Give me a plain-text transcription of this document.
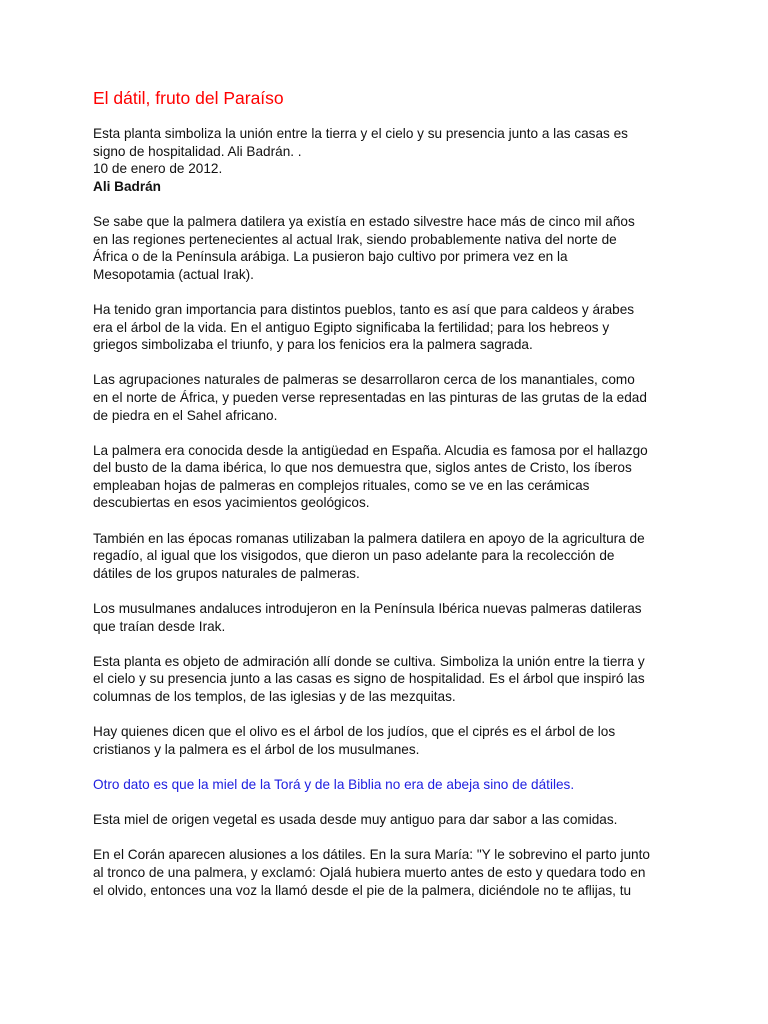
El dátil, fruto del Paraíso
Esta planta simboliza la unión entre la tierra y el cielo y su presencia junto a las casas es
signo de hospitalidad. Ali Badrán. .
10 de enero de 2012.
Ali Badrán
Se sabe que la palmera datilera ya existía en estado silvestre hace más de cinco mil años
en las regiones pertenecientes al actual Irak, siendo probablemente nativa del norte de
África o de la Península arábiga. La pusieron bajo cultivo por primera vez en la
Mesopotamia (actual Irak).
Ha tenido gran importancia para distintos pueblos, tanto es así que para caldeos y árabes
era el árbol de la vida. En el antiguo Egipto significaba la fertilidad; para los hebreos y
griegos simbolizaba el triunfo, y para los fenicios era la palmera sagrada.
Las agrupaciones naturales de palmeras se desarrollaron cerca de los manantiales, como
en el norte de África, y pueden verse representadas en las pinturas de las grutas de la edad
de piedra en el Sahel africano.
La palmera era conocida desde la antigüedad en España. Alcudia es famosa por el hallazgo
del busto de la dama ibérica, lo que nos demuestra que, siglos antes de Cristo, los íberos
empleaban hojas de palmeras en complejos rituales, como se ve en las cerámicas
descubiertas en esos yacimientos geológicos.
También en las épocas romanas utilizaban la palmera datilera en apoyo de la agricultura de
regadío, al igual que los visigodos, que dieron un paso adelante para la recolección de
dátiles de los grupos naturales de palmeras.
Los musulmanes andaluces introdujeron en la Península Ibérica nuevas palmeras datileras
que traían desde Irak.
Esta planta es objeto de admiración allí donde se cultiva. Simboliza la unión entre la tierra y
el cielo y su presencia junto a las casas es signo de hospitalidad. Es el árbol que inspiró las
columnas de los templos, de las iglesias y de las mezquitas.
Hay quienes dicen que el olivo es el árbol de los judíos, que el ciprés es el árbol de los
cristianos y la palmera es el árbol de los musulmanes.
Otro dato es que la miel de la Torá y de la Biblia no era de abeja sino de dátiles.
Esta miel de origen vegetal es usada desde muy antiguo para dar sabor a las comidas.
En el Corán aparecen alusiones a los dátiles. En la sura María: "Y le sobrevino el parto junto
al tronco de una palmera, y exclamó: Ojalá hubiera muerto antes de esto y quedara todo en
el olvido, entonces una voz la llamó desde el pie de la palmera, diciéndole no te aflijas, tu
